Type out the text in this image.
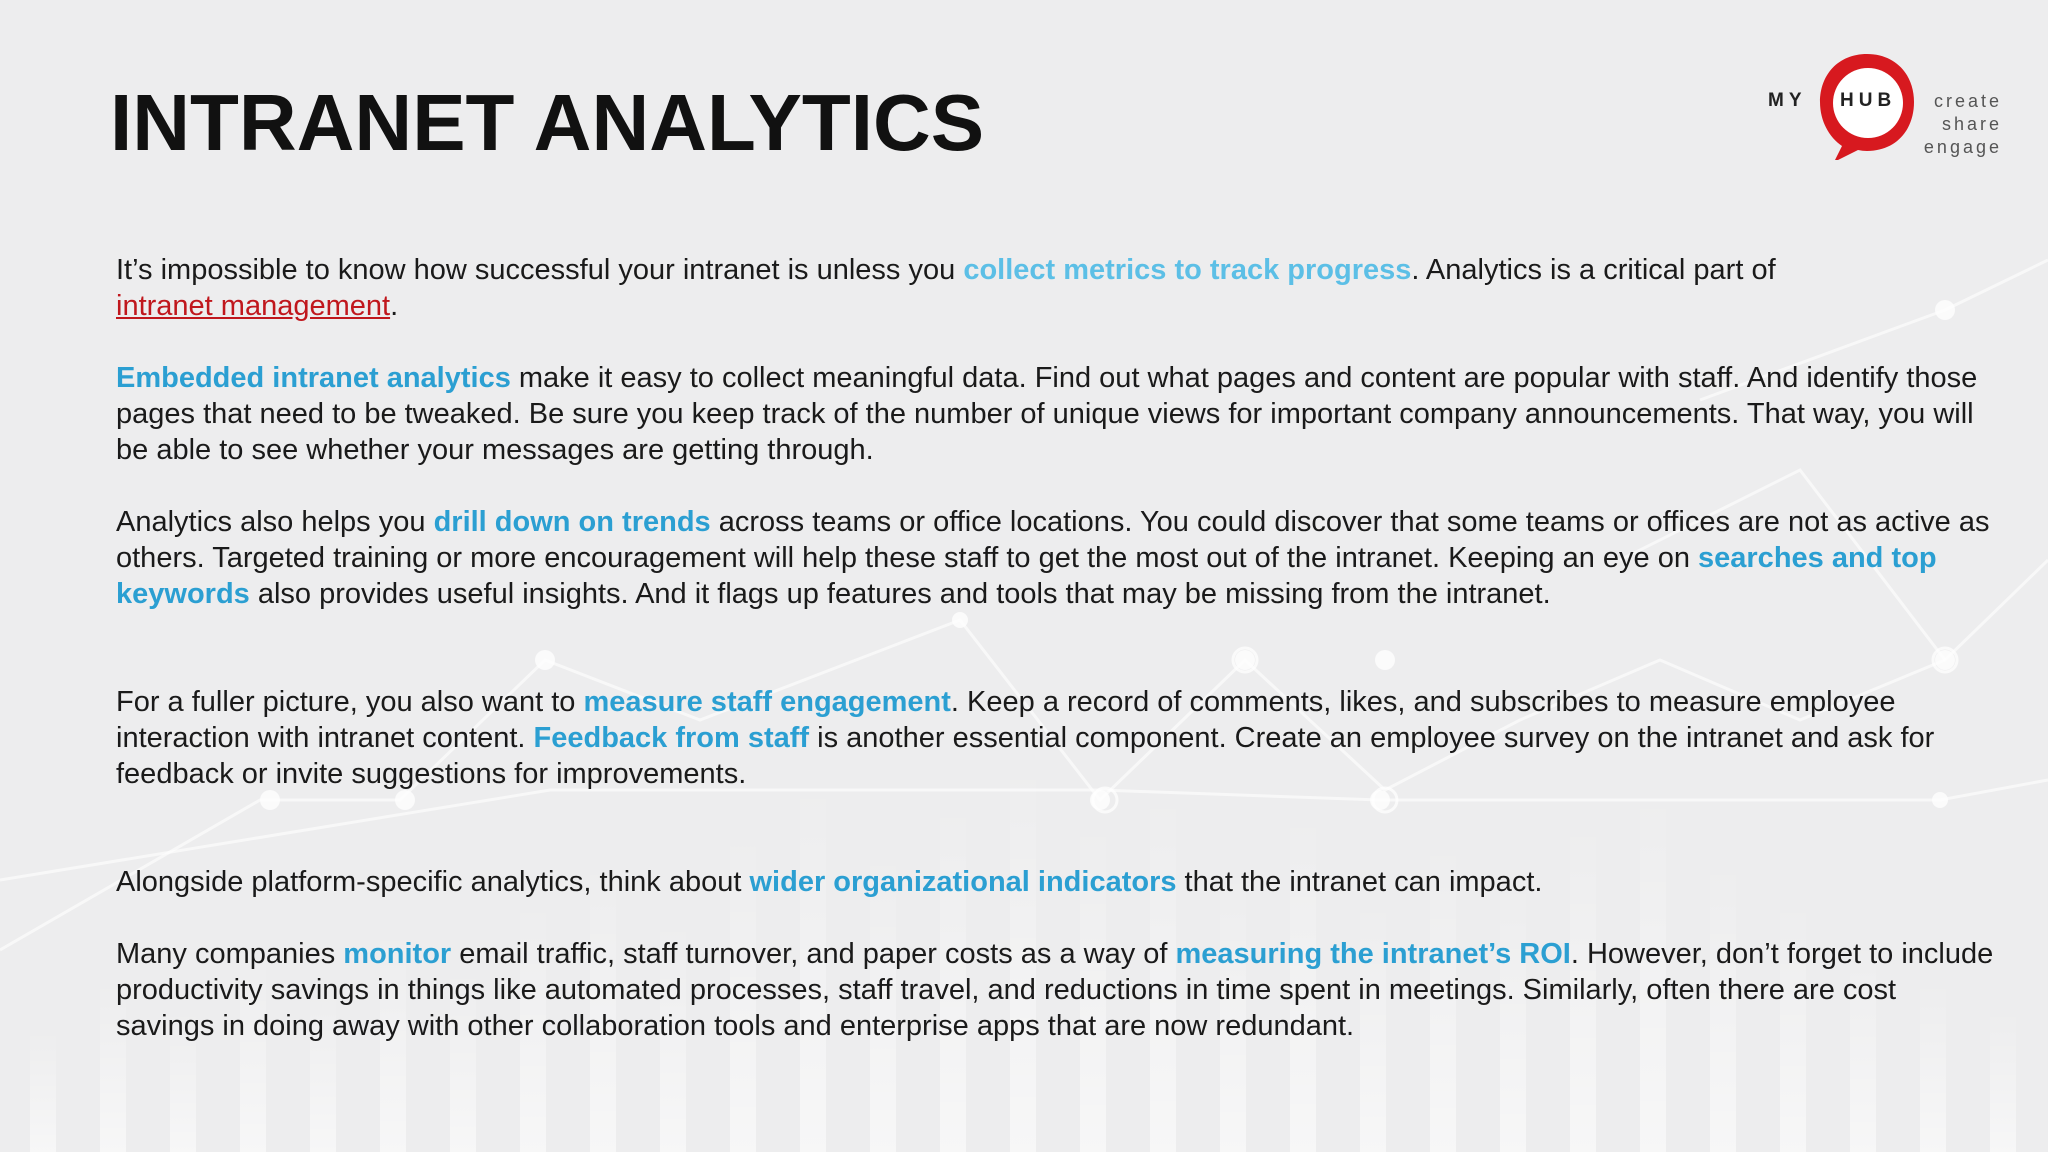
INTRANET ANALYTICS	MY HUB	create
share
engage

It’s impossible to know how successful your intranet is unless you collect metrics to track progress. Analytics is a critical part of
intranet management.

Embedded intranet analytics make it easy to collect meaningful data. Find out what pages and content are popular with staff. And identify those pages that need to be tweaked. Be sure you keep track of the number of unique views for important company announcements. That way, you will be able to see whether your messages are getting through.

Analytics also helps you drill down on trends across teams or office locations. You could discover that some teams or offices are not as active as others. Targeted training or more encouragement will help these staff to get the most out of the intranet. Keeping an eye on searches and top keywords also provides useful insights. And it flags up features and tools that may be missing from the intranet.

For a fuller picture, you also want to measure staff engagement. Keep a record of comments, likes, and subscribes to measure employee interaction with intranet content. Feedback from staff is another essential component. Create an employee survey on the intranet and ask for feedback or invite suggestions for improvements.

Alongside platform-specific analytics, think about wider organizational indicators that the intranet can impact.

Many companies monitor email traffic, staff turnover, and paper costs as a way of measuring the intranet’s ROI. However, don’t forget to include productivity savings in things like automated processes, staff travel, and reductions in time spent in meetings. Similarly, often there are cost savings in doing away with other collaboration tools and enterprise apps that are now redundant.
